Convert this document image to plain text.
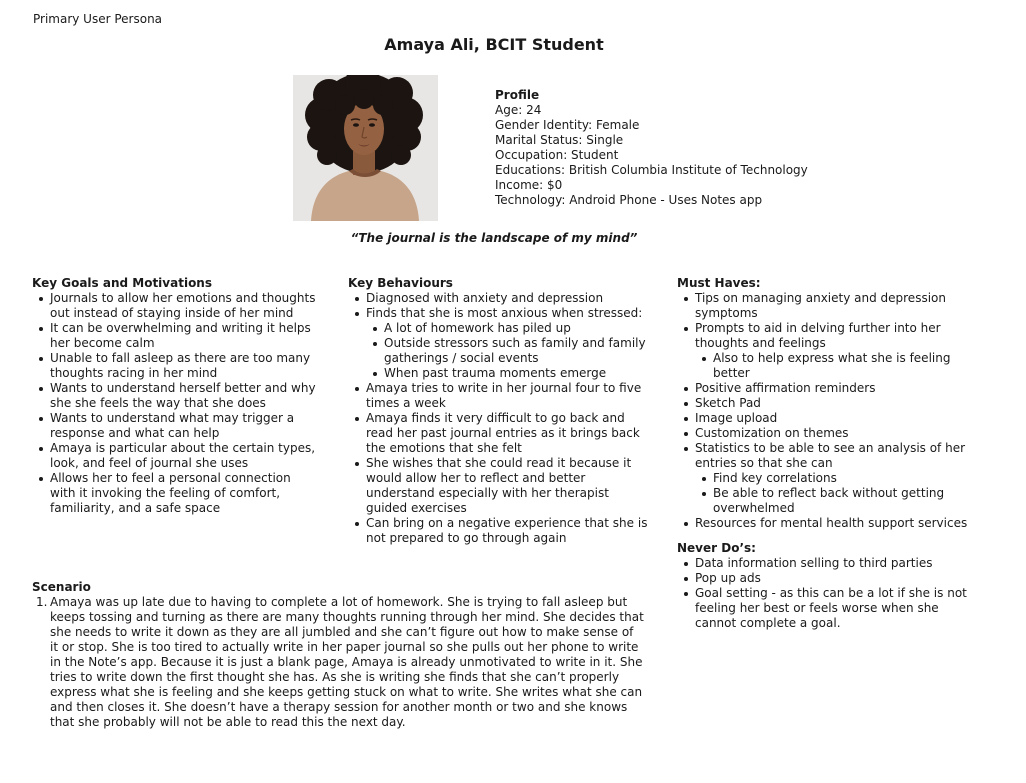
Primary User Persona
Amaya Ali, BCIT Student
Profile
Age: 24
Gender Identity: Female
Marital Status: Single
Occupation: Student
Educations: British Columbia Institute of Technology
Income: $0
Technology: Android Phone - Uses Notes app
“The journal is the landscape of my mind”
Key Goals and Motivations
Journals to allow her emotions and thoughts out instead of staying inside of her mind
It can be overwhelming and writing it helps her become calm
Unable to fall asleep as there are too many thoughts racing in her mind
Wants to understand herself better and why she she feels the way that she does
Wants to understand what may trigger a response and what can help
Amaya is particular about the certain types, look, and feel of journal she uses
Allows her to feel a personal connection with it invoking the feeling of comfort, familiarity, and a safe space
Key Behaviours
Diagnosed with anxiety and depression
Finds that she is most anxious when stressed:
A lot of homework has piled up
Outside stressors such as family and family gatherings / social events
When past trauma moments emerge
Amaya tries to write in her journal four to five times a week
Amaya finds it very difficult to go back and read her past journal entries as it brings back the emotions that she felt
She wishes that she could read it because it would allow her to reflect and better understand especially with her therapist guided exercises
Can bring on a negative experience that she is not prepared to go through again
Must Haves:
Tips on managing anxiety and depression symptoms
Prompts to aid in delving further into her thoughts and feelings
Also to help express what she is feeling better
Positive affirmation reminders
Sketch Pad
Image upload
Customization on themes
Statistics to be able to see an analysis of her entries so that she can
Find key correlations
Be able to reflect back without getting overwhelmed
Resources for mental health support services
Never Do’s:
Data information selling to third parties
Pop up ads
Goal setting - as this can be a lot if she is not feeling her best or feels worse when she cannot complete a goal.
Scenario
1. Amaya was up late due to having to complete a lot of homework. She is trying to fall asleep but keeps tossing and turning as there are many thoughts running through her mind. She decides that she needs to write it down as they are all jumbled and she can’t figure out how to make sense of it or stop. She is too tired to actually write in her paper journal so she pulls out her phone to write in the Note’s app. Because it is just a blank page, Amaya is already unmotivated to write in it. She tries to write down the first thought she has. As she is writing she finds that she can’t properly express what she is feeling and she keeps getting stuck on what to write. She writes what she can and then closes it. She doesn’t have a therapy session for another month or two and she knows that she probably will not be able to read this the next day.
